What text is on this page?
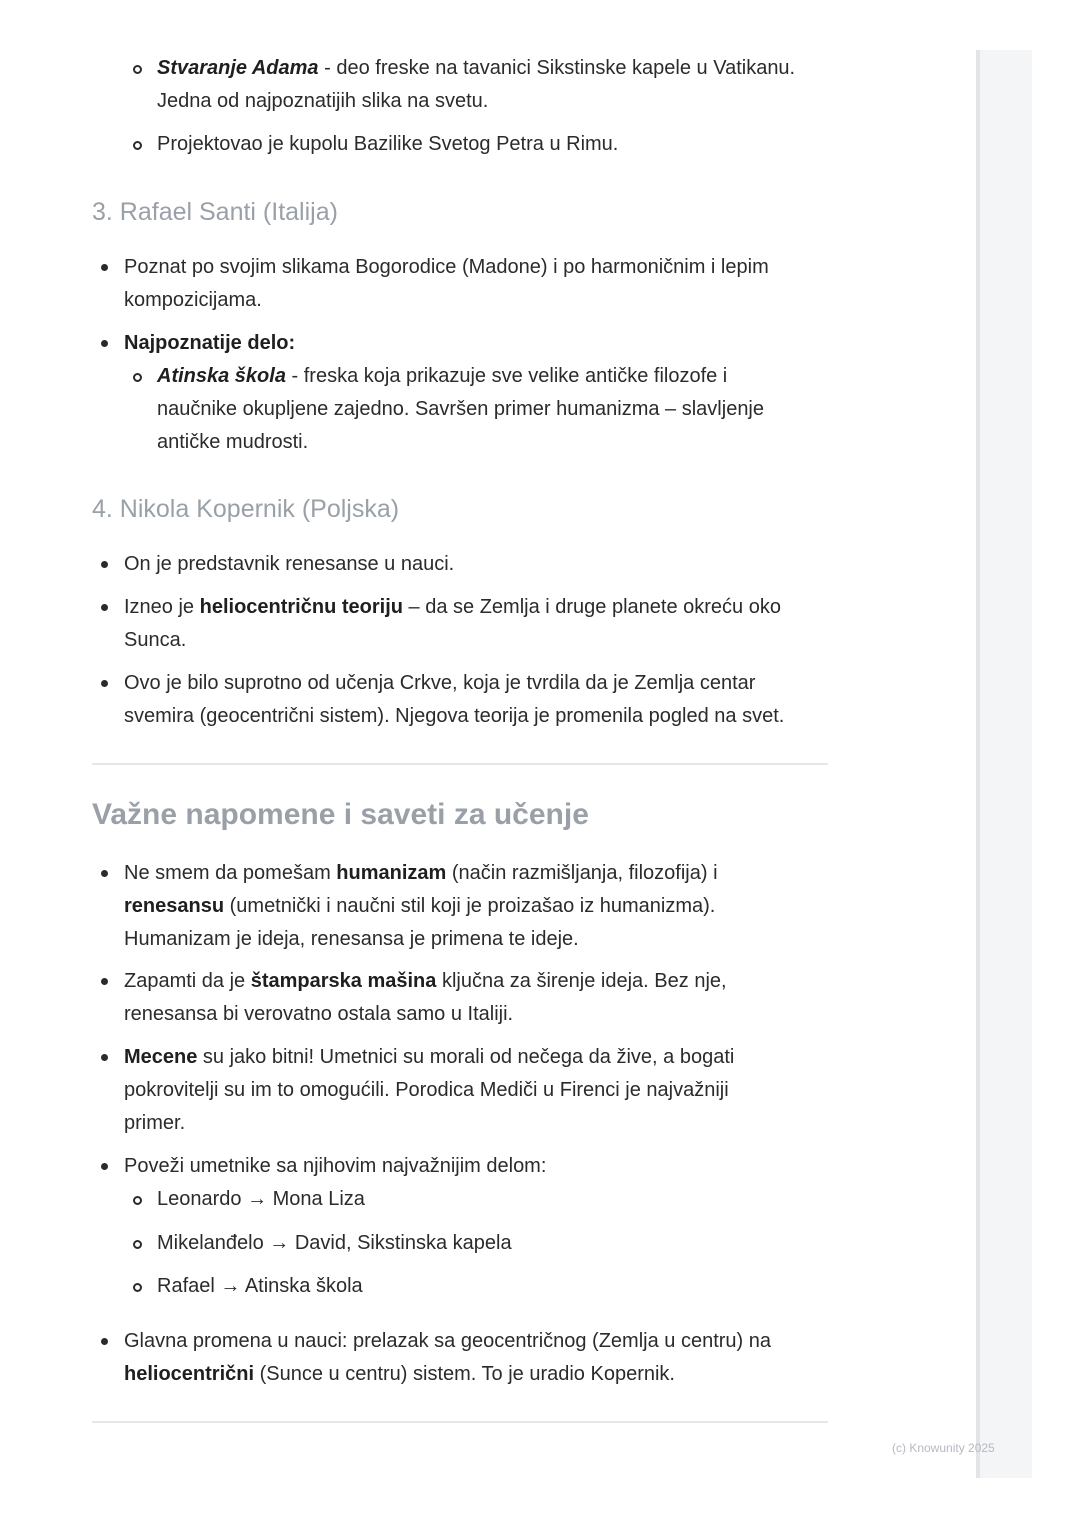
Stvaranje Adama - deo freske na tavanici Sikstinske kapele u Vatikanu.
Jedna od najpoznatijih slika na svetu.
Projektovao je kupolu Bazilike Svetog Petra u Rimu.
3. Rafael Santi (Italija)
Poznat po svojim slikama Bogorodice (Madone) i po harmoničnim i lepim
kompozicijama.
Najpoznatije delo:
Atinska škola - freska koja prikazuje sve velike antičke filozofe i
naučnike okupljene zajedno. Savršen primer humanizma – slavljenje
antičke mudrosti.
4. Nikola Kopernik (Poljska)
On je predstavnik renesanse u nauci.
Izneo je heliocentričnu teoriju – da se Zemlja i druge planete okreću oko
Sunca.
Ovo je bilo suprotno od učenja Crkve, koja je tvrdila da je Zemlja centar
svemira (geocentrični sistem). Njegova teorija je promenila pogled na svet.
Važne napomene i saveti za učenje
Ne smem da pomešam humanizam (način razmišljanja, filozofija) i
renesansu (umetnički i naučni stil koji je proizašao iz humanizma).
Humanizam je ideja, renesansa je primena te ideje.
Zapamti da je štamparska mašina ključna za širenje ideja. Bez nje,
renesansa bi verovatno ostala samo u Italiji.
Mecene su jako bitni! Umetnici su morali od nečega da žive, a bogati
pokrovitelji su im to omogućili. Porodica Mediči u Firenci je najvažniji
primer.
Poveži umetnike sa njihovim najvažnijim delom:
Leonardo → Mona Liza
Mikelanđelo → David, Sikstinska kapela
Rafael → Atinska škola
Glavna promena u nauci: prelazak sa geocentričnog (Zemlja u centru) na
heliocentrični (Sunce u centru) sistem. To je uradio Kopernik.
(c) Knowunity 2025
